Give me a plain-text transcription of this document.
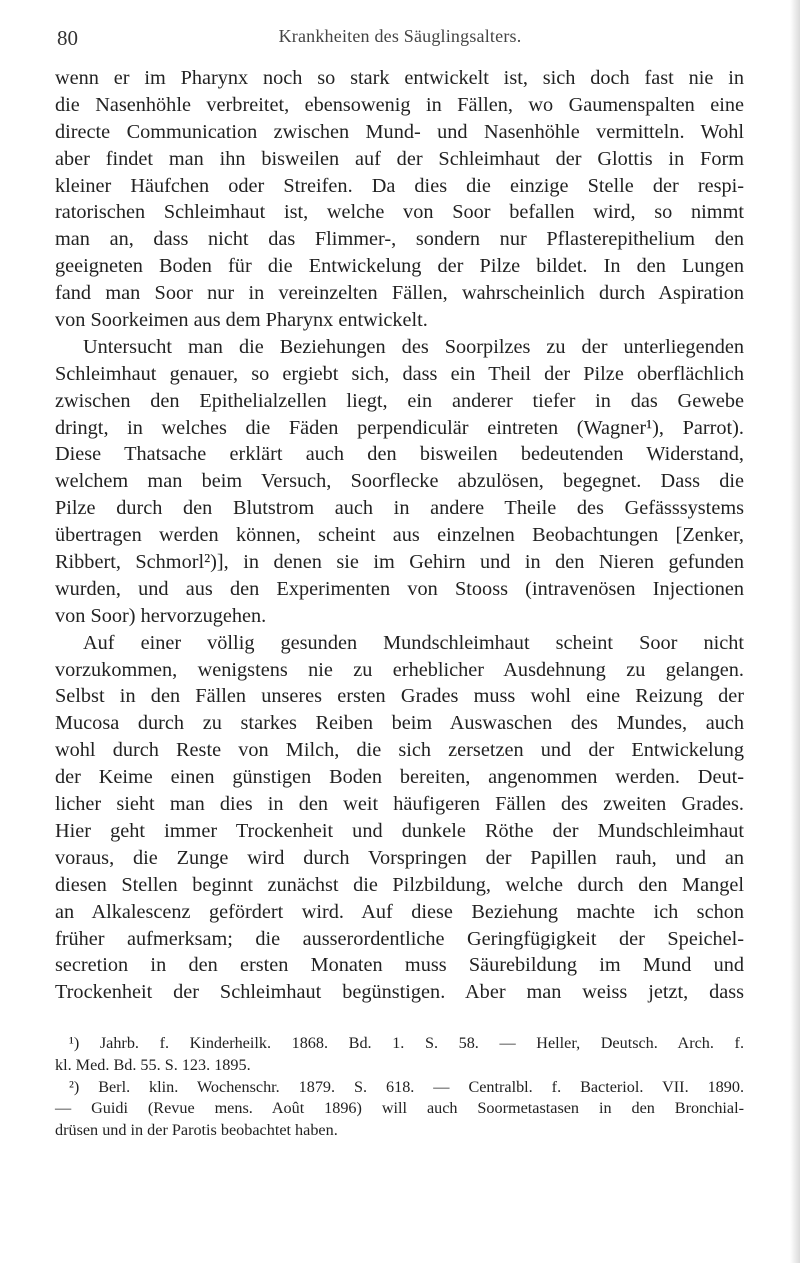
80	Krankheiten des Säuglingsalters.
wenn er im Pharynx noch so stark entwickelt ist, sich doch fast nie in
die Nasenhöhle verbreitet, ebensowenig in Fällen, wo Gaumenspalten eine
directe Communication zwischen Mund- und Nasenhöhle vermitteln. Wohl
aber findet man ihn bisweilen auf der Schleimhaut der Glottis in Form
kleiner Häufchen oder Streifen. Da dies die einzige Stelle der respi-
ratorischen Schleimhaut ist, welche von Soor befallen wird, so nimmt
man an, dass nicht das Flimmer-, sondern nur Pflasterepithelium den
geeigneten Boden für die Entwickelung der Pilze bildet. In den Lungen
fand man Soor nur in vereinzelten Fällen, wahrscheinlich durch Aspiration
von Soorkeimen aus dem Pharynx entwickelt.
Untersucht man die Beziehungen des Soorpilzes zu der unterliegenden
Schleimhaut genauer, so ergiebt sich, dass ein Theil der Pilze oberflächlich
zwischen den Epithelialzellen liegt, ein anderer tiefer in das Gewebe
dringt, in welches die Fäden perpendiculär eintreten (Wagner¹), Parrot).
Diese Thatsache erklärt auch den bisweilen bedeutenden Widerstand,
welchem man beim Versuch, Soorflecke abzulösen, begegnet. Dass die
Pilze durch den Blutstrom auch in andere Theile des Gefässsystems
übertragen werden können, scheint aus einzelnen Beobachtungen [Zenker,
Ribbert, Schmorl²)], in denen sie im Gehirn und in den Nieren gefunden
wurden, und aus den Experimenten von Stooss (intravenösen Injectionen
von Soor) hervorzugehen.
Auf einer völlig gesunden Mundschleimhaut scheint Soor nicht
vorzukommen, wenigstens nie zu erheblicher Ausdehnung zu gelangen.
Selbst in den Fällen unseres ersten Grades muss wohl eine Reizung der
Mucosa durch zu starkes Reiben beim Auswaschen des Mundes, auch
wohl durch Reste von Milch, die sich zersetzen und der Entwickelung
der Keime einen günstigen Boden bereiten, angenommen werden. Deut-
licher sieht man dies in den weit häufigeren Fällen des zweiten Grades.
Hier geht immer Trockenheit und dunkele Röthe der Mundschleimhaut
voraus, die Zunge wird durch Vorspringen der Papillen rauh, und an
diesen Stellen beginnt zunächst die Pilzbildung, welche durch den Mangel
an Alkalescenz gefördert wird. Auf diese Beziehung machte ich schon
früher aufmerksam; die ausserordentliche Geringfügigkeit der Speichel-
secretion in den ersten Monaten muss Säurebildung im Mund und
Trockenheit der Schleimhaut begünstigen. Aber man weiss jetzt, dass
¹) Jahrb. f. Kinderheilk. 1868. Bd. 1. S. 58. — Heller, Deutsch. Arch. f.
kl. Med. Bd. 55. S. 123. 1895.
²) Berl. klin. Wochenschr. 1879. S. 618. — Centralbl. f. Bacteriol. VII. 1890.
— Guidi (Revue mens. Août 1896) will auch Soormetastasen in den Bronchial-
drüsen und in der Parotis beobachtet haben.
